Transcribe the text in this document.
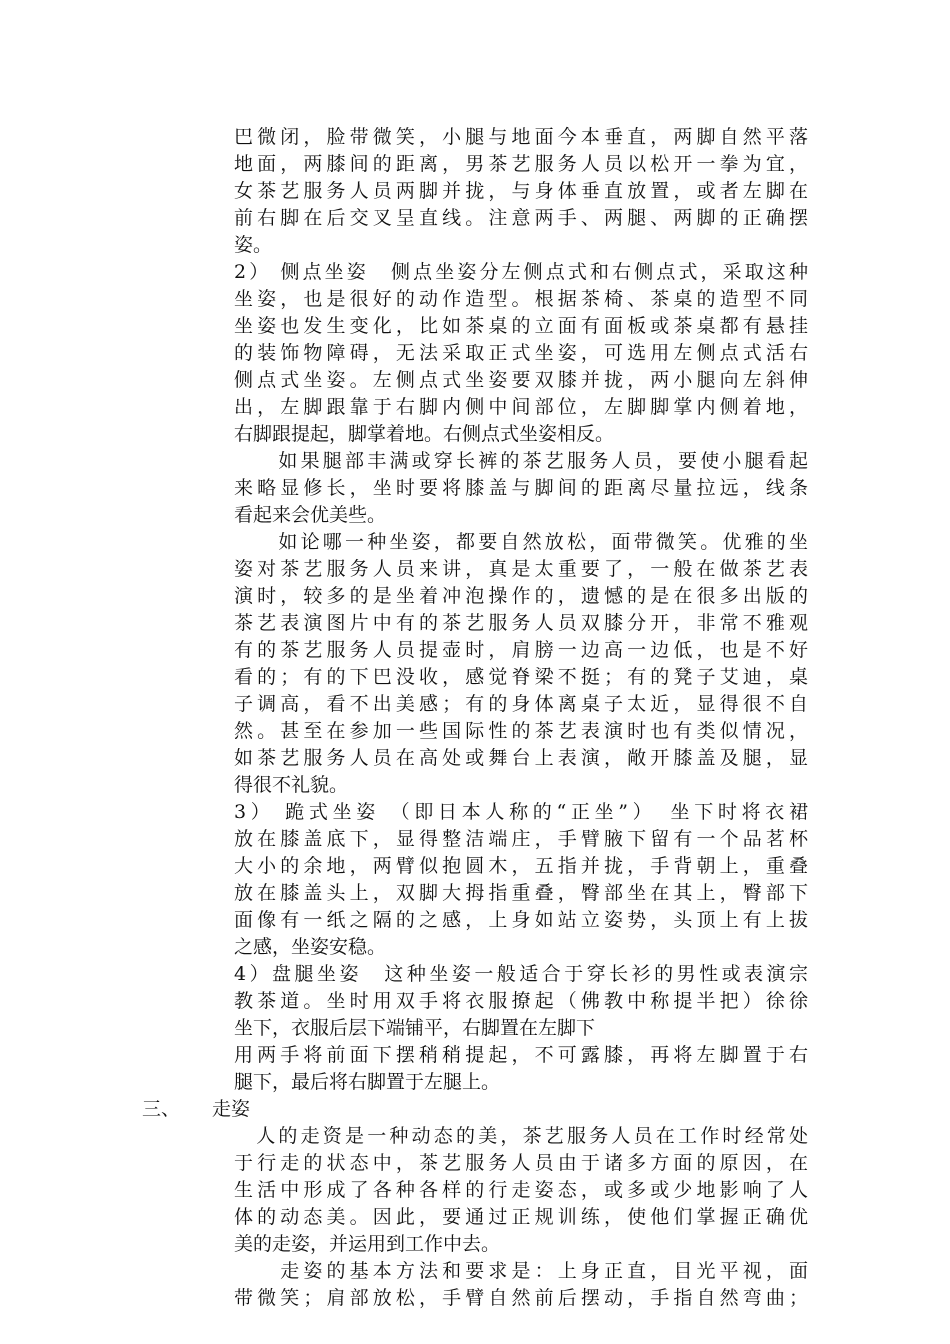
巴微闭，脸带微笑，小腿与地面今本垂直，两脚自然平落
地面，两膝间的距离，男茶艺服务人员以松开一拳为宜，
女茶艺服务人员两脚并拢，与身体垂直放置，或者左脚在
前右脚在后交叉呈直线。注意两手、两腿、两脚的正确摆
姿。
2） 侧点坐姿　侧点坐姿分左侧点式和右侧点式，采取这种
坐姿，也是很好的动作造型。根据茶椅、茶桌的造型不同
坐姿也发生变化，比如茶桌的立面有面板或茶桌都有悬挂
的装饰物障碍，无法采取正式坐姿，可选用左侧点式活右
侧点式坐姿。左侧点式坐姿要双膝并拢，两小腿向左斜伸
出，左脚跟靠于右脚内侧中间部位，左脚脚掌内侧着地，
右脚跟提起，脚掌着地。右侧点式坐姿相反。
　　如果腿部丰满或穿长裤的茶艺服务人员，要使小腿看起
来略显修长，坐时要将膝盖与脚间的距离尽量拉远，线条
看起来会优美些。
　　如论哪一种坐姿，都要自然放松，面带微笑。优雅的坐
姿对茶艺服务人员来讲，真是太重要了，一般在做茶艺表
演时，较多的是坐着冲泡操作的，遗憾的是在很多出版的
茶艺表演图片中有的茶艺服务人员双膝分开，非常不雅观
有的茶艺服务人员提壶时，肩膀一边高一边低，也是不好
看的；有的下巴没收，感觉脊梁不挺；有的凳子艾迪，桌
子调高，看不出美感；有的身体离桌子太近，显得很不自
然。甚至在参加一些国际性的茶艺表演时也有类似情况，
如茶艺服务人员在高处或舞台上表演，敞开膝盖及腿，显
得很不礼貌。
3） 跪式坐姿 （即日本人称的“正坐”）　坐下时将衣裙
放在膝盖底下，显得整洁端庄，手臂腋下留有一个品茗杯
大小的余地，两臂似抱圆木，五指并拢，手背朝上，重叠
放在膝盖头上，双脚大拇指重叠，臀部坐在其上，臀部下
面像有一纸之隔的之感，上身如站立姿势，头顶上有上拔
之感，坐姿安稳。
4）盘腿坐姿　这种坐姿一般适合于穿长衫的男性或表演宗
教茶道。坐时用双手将衣服撩起（佛教中称提半把）徐徐
坐下，衣服后层下端铺平，右脚置在左脚下
用两手将前面下摆稍稍提起，不可露膝，再将左脚置于右
腿下，最后将右脚置于左腿上。
三、 走姿
　人的走资是一种动态的美，茶艺服务人员在工作时经常处
于行走的状态中，茶艺服务人员由于诸多方面的原因，在
生活中形成了各种各样的行走姿态，或多或少地影响了人
体的动态美。因此，要通过正规训练，使他们掌握正确优
美的走姿，并运用到工作中去。
　　走姿的基本方法和要求是：上身正直，目光平视，面
带微笑；肩部放松，手臂自然前后摆动，手指自然弯曲；
